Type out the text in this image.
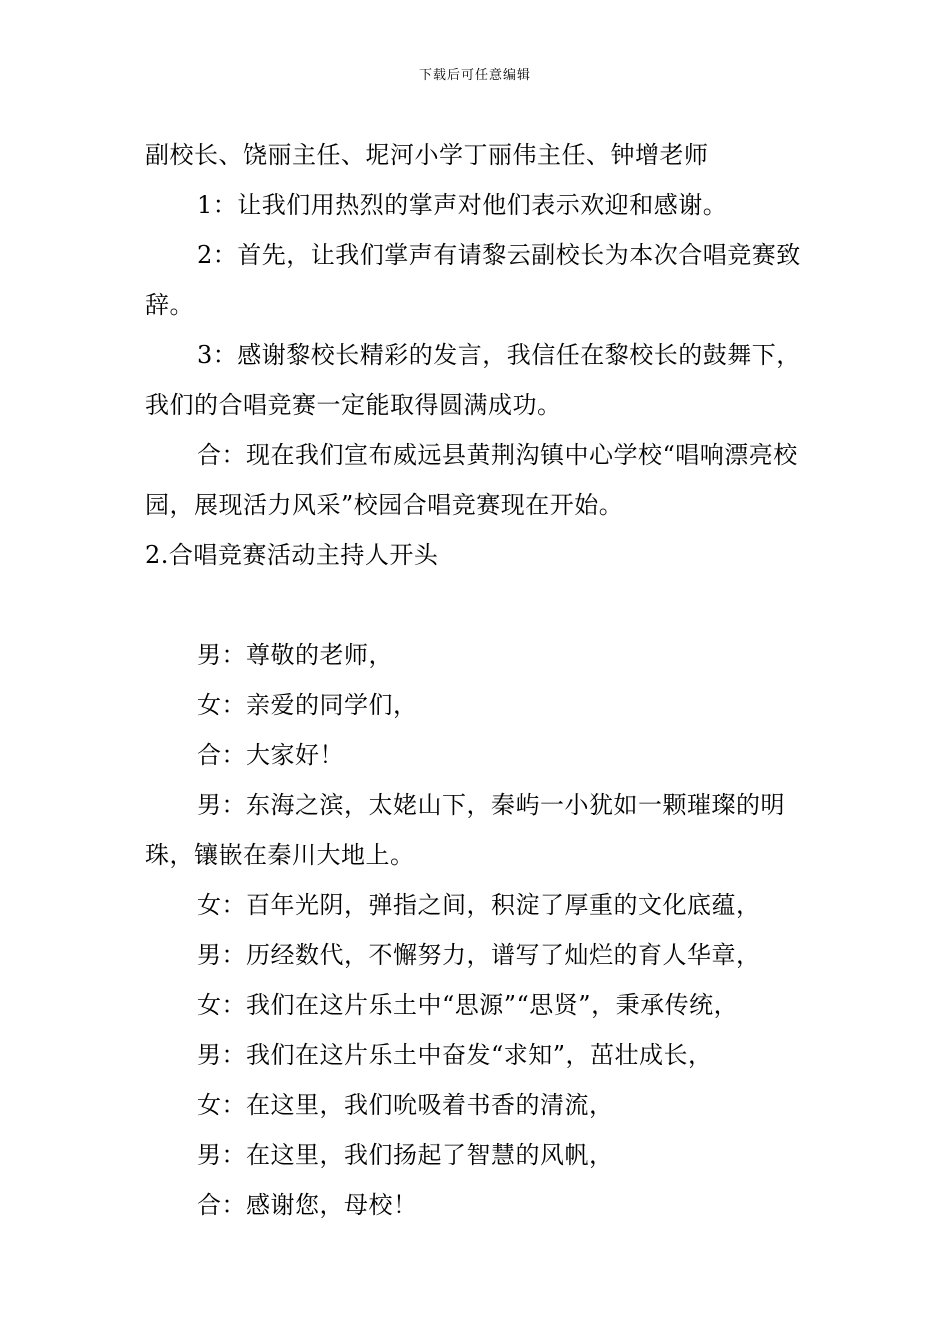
下载后可任意编辑

副校长、饶丽主任、坭河小学丁丽伟主任、钟增老师

1：让我们用热烈的掌声对他们表示欢迎和感谢。

2：首先，让我们掌声有请黎云副校长为本次合唱竞赛致辞。

3：感谢黎校长精彩的发言，我信任在黎校长的鼓舞下，我们的合唱竞赛一定能取得圆满成功。

合：现在我们宣布威远县黄荆沟镇中心学校“唱响漂亮校园，展现活力风采”校园合唱竞赛现在开始。

2.合唱竞赛活动主持人开头

男：尊敬的老师，

女：亲爱的同学们，

合：大家好！

男：东海之滨，太姥山下，秦屿一小犹如一颗璀璨的明珠，镶嵌在秦川大地上。

女：百年光阴，弹指之间，积淀了厚重的文化底蕴，

男：历经数代，不懈努力，谱写了灿烂的育人华章，

女：我们在这片乐土中“思源”“思贤”，秉承传统，

男：我们在这片乐土中奋发“求知”，茁壮成长，

女：在这里，我们吮吸着书香的清流，

男：在这里，我们扬起了智慧的风帆，

合：感谢您，母校！
